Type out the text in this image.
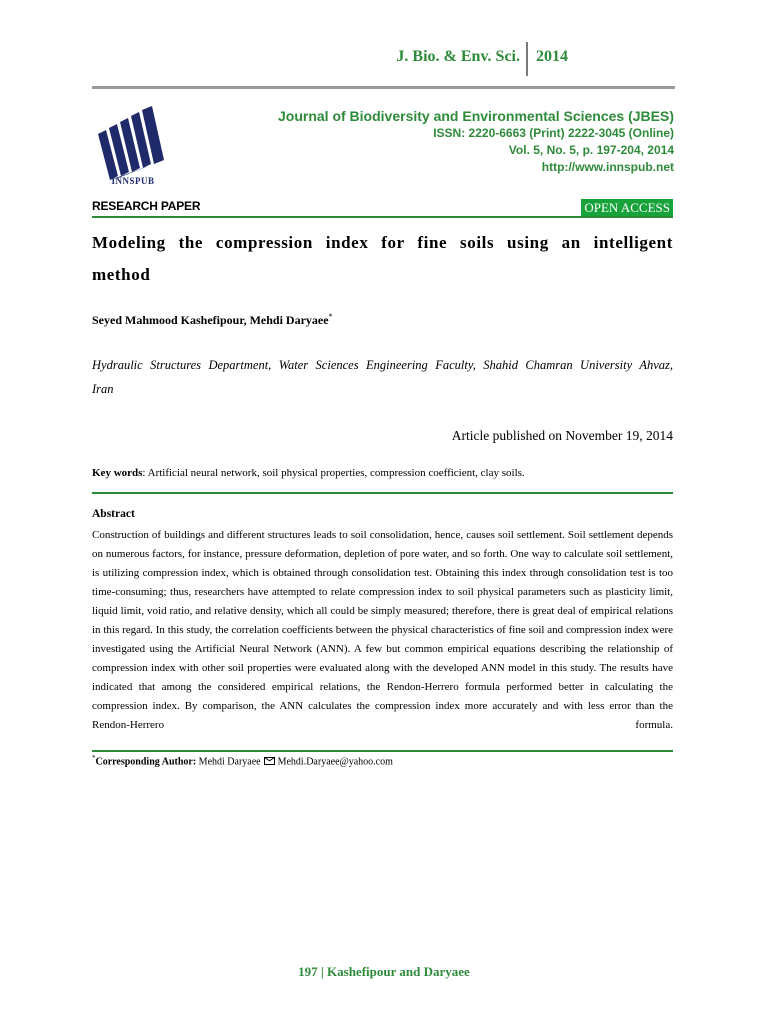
J. Bio. & Env. Sci. 2014
INNSPUB
Journal of Biodiversity and Environmental Sciences (JBES)
ISSN: 2220-6663 (Print) 2222-3045 (Online)
Vol. 5, No. 5, p. 197-204, 2014
http://www.innspub.net
RESEARCH PAPER	OPEN ACCESS
Modeling the compression index for fine soils using an intelligent method
Seyed Mahmood Kashefipour, Mehdi Daryaee*
Hydraulic Structures Department, Water Sciences Engineering Faculty, Shahid Chamran University Ahvaz, Iran
Article published on November 19, 2014
Key words: Artificial neural network, soil physical properties, compression coefficient, clay soils.
Abstract
Construction of buildings and different structures leads to soil consolidation, hence, causes soil settlement. Soil settlement depends on numerous factors, for instance, pressure deformation, depletion of pore water, and so forth. One way to calculate soil settlement, is utilizing compression index, which is obtained through consolidation test. Obtaining this index through consolidation test is too time-consuming; thus, researchers have attempted to relate compression index to soil physical parameters such as plasticity limit, liquid limit, void ratio, and relative density, which all could be simply measured; therefore, there is great deal of empirical relations in this regard. In this study, the correlation coefficients between the physical characteristics of fine soil and compression index were investigated using the Artificial Neural Network (ANN). A few but common empirical equations describing the relationship of compression index with other soil properties were evaluated along with the developed ANN model in this study. The results have indicated that among the considered empirical relations, the Rendon-Herrero formula performed better in calculating the compression index. By comparison, the ANN calculates the compression index more accurately and with less error than the Rendon-Herrero formula.
*Corresponding Author: Mehdi Daryaee Mehdi.Daryaee@yahoo.com
197 | Kashefipour and Daryaee
